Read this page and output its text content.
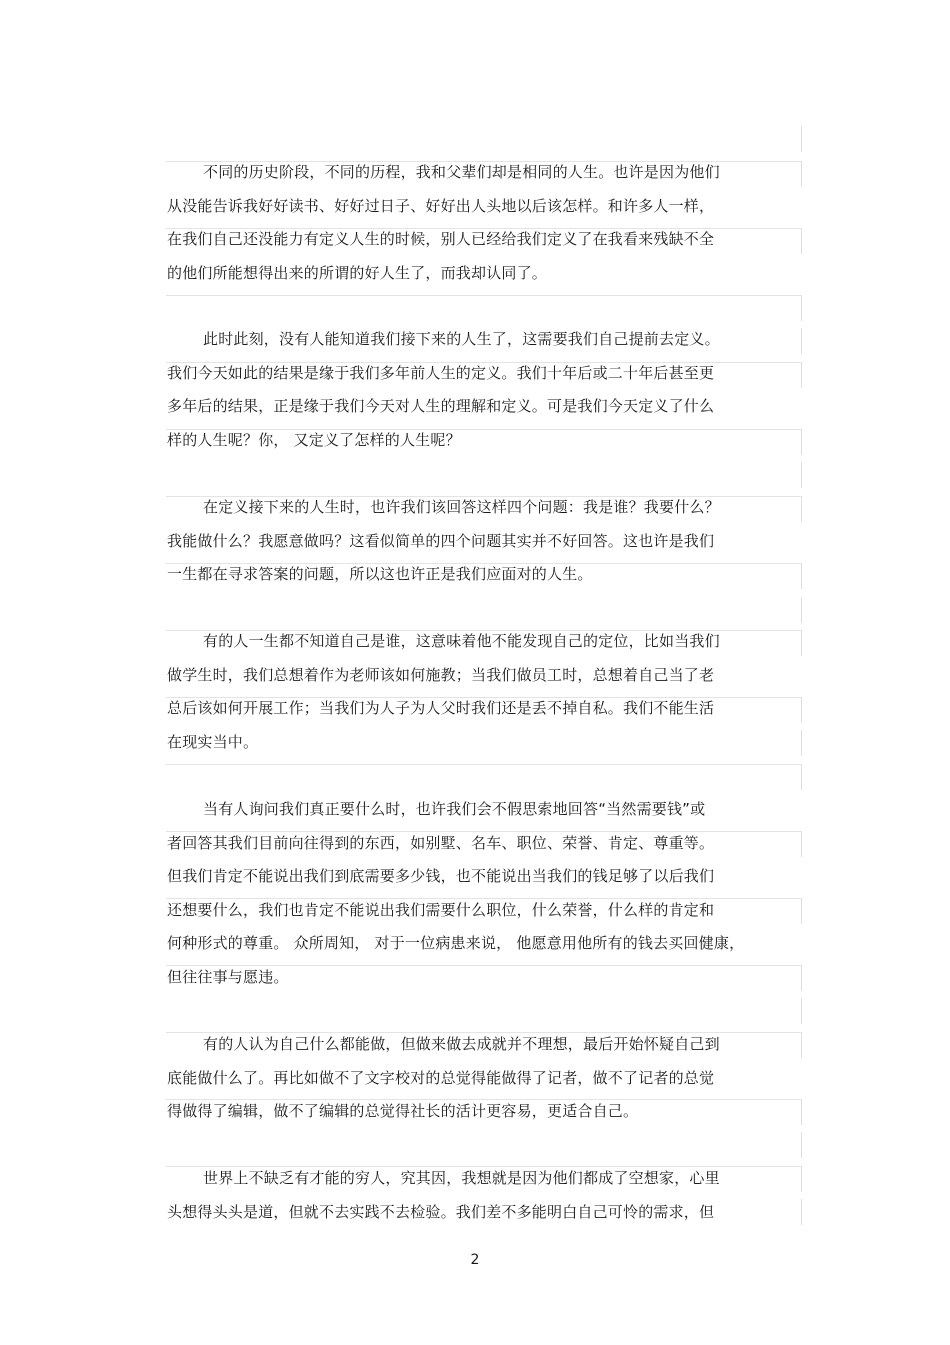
不同的历史阶段，不同的历程，我和父辈们却是相同的人生。也许是因为他们
从没能告诉我好好读书、好好过日子、好好出人头地以后该怎样。和许多人一样，
在我们自己还没能力有定义人生的时候，别人已经给我们定义了在我看来残缺不全
的他们所能想得出来的所谓的好人生了，而我却认同了。
此时此刻，没有人能知道我们接下来的人生了，这需要我们自己提前去定义。
我们今天如此的结果是缘于我们多年前人生的定义。我们十年后或二十年后甚至更
多年后的结果，正是缘于我们今天对人生的理解和定义。可是我们今天定义了什么
样的人生呢？你， 又定义了怎样的人生呢？
在定义接下来的人生时，也许我们该回答这样四个问题：我是谁？我要什么？
我能做什么？我愿意做吗？这看似简单的四个问题其实并不好回答。这也许是我们
一生都在寻求答案的问题，所以这也许正是我们应面对的人生。
有的人一生都不知道自己是谁，这意味着他不能发现自己的定位，比如当我们
做学生时，我们总想着作为老师该如何施教；当我们做员工时，总想着自己当了老
总后该如何开展工作；当我们为人子为人父时我们还是丢不掉自私。我们不能生活
在现实当中。
当有人询问我们真正要什么时，也许我们会不假思索地回答“当然需要钱”或
者回答其我们目前向往得到的东西，如别墅、名车、职位、荣誉、肯定、尊重等。
但我们肯定不能说出我们到底需要多少钱，也不能说出当我们的钱足够了以后我们
还想要什么，我们也肯定不能说出我们需要什么职位，什么荣誉，什么样的肯定和
何种形式的尊重。 众所周知， 对于一位病患来说， 他愿意用他所有的钱去买回健康，
但往往事与愿违。
有的人认为自己什么都能做，但做来做去成就并不理想，最后开始怀疑自己到
底能做什么了。再比如做不了文字校对的总觉得能做得了记者，做不了记者的总觉
得做得了编辑，做不了编辑的总觉得社长的活计更容易，更适合自己。
世界上不缺乏有才能的穷人，究其因，我想就是因为他们都成了空想家，心里
头想得头头是道，但就不去实践不去检验。我们差不多能明白自己可怜的需求，但
2
